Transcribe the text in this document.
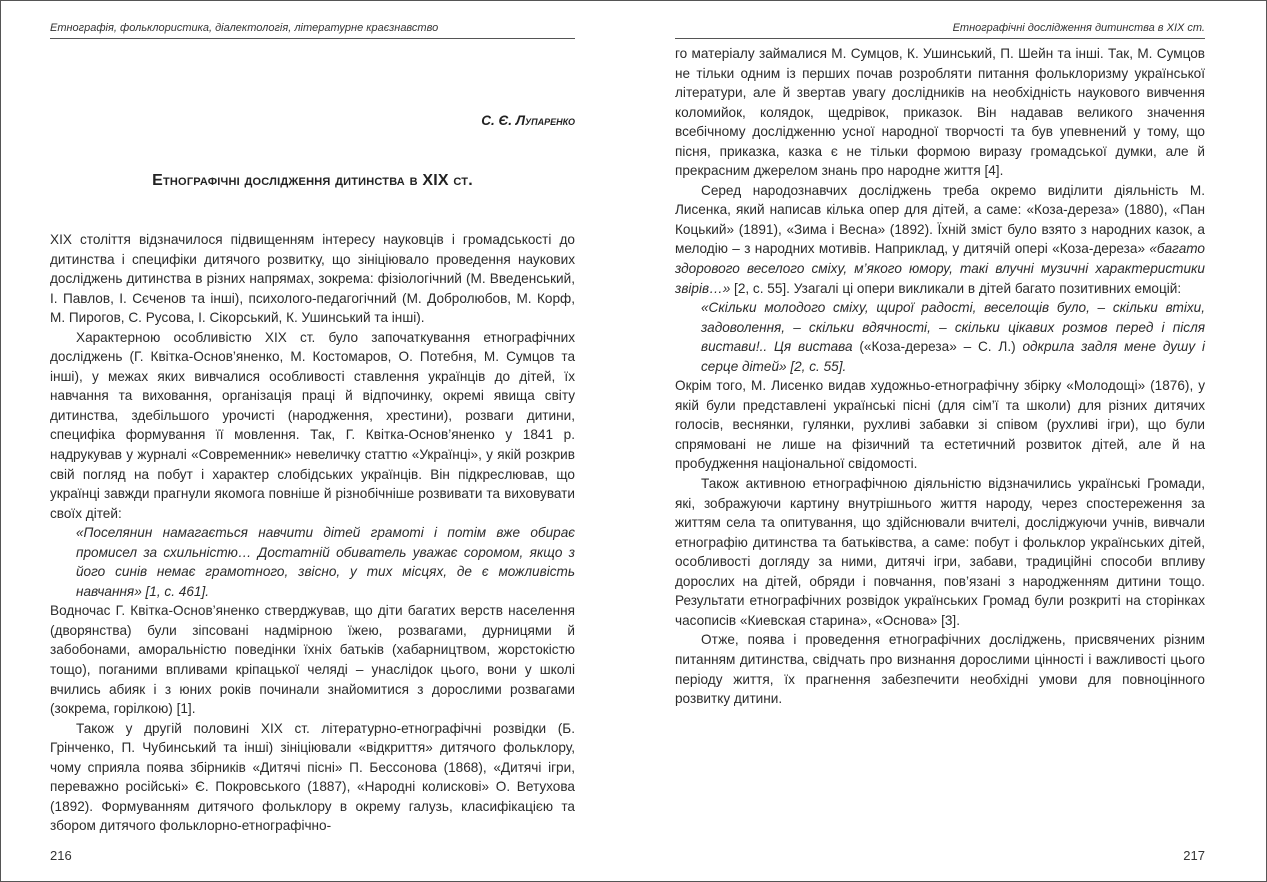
Етнографія, фольклористика, діалектологія, літературне краєзнавство
С. Є. Лупаренко
Етнографічні дослідження дитинства в XIX ст.

XIX століття відзначилося підвищенням інтересу науковців і громадськості до дитинства і специфіки дитячого розвитку, що зініціювало проведення наукових досліджень дитинства в різних напрямах, зокрема: фізіологічний (М. Введенський, І. Павлов, І. Сєченов та інші), психолого-педагогічний (М. Добролюбов, М. Корф, М. Пирогов, С. Русова, І. Сікорський, К. Ушинський та інші).

Характерною особливістю XIX ст. було започаткування етнографічних досліджень (Г. Квітка-Основ’яненко, М. Костомаров, О. Потебня, М. Сумцов та інші), у межах яких вивчалися особливості ставлення українців до дітей, їх навчання та виховання, організація праці й відпочинку, окремі явища світу дитинства, здебільшого урочисті (народження, хрестини), розваги дитини, специфіка формування її мовлення. Так, Г. Квітка-Основ’яненко у 1841 р. надрукував у журналі «Современник» невеличку статтю «Українці», у якій розкрив свій погляд на побут і характер слобідських українців. Він підкреслював, що українці завжди прагнули якомога повніше й різнобічніше розвивати та виховувати своїх дітей:

«Поселянин намагається навчити дітей грамоті і потім вже обирає промисел за схильністю… Достатній обиватель уважає соромом, якщо з його синів немає грамотного, звісно, у тих місцях, де є можливість навчання» [1, с. 461].

Водночас Г. Квітка-Основ’яненко стверджував, що діти багатих верств населення (дворянства) були зіпсовані надмірною їжею, розвагами, дурницями й забобонами, аморальністю поведінки їхніх батьків (хабарництвом, жорстокістю тощо), поганими впливами кріпацької челяді – унаслідок цього, вони у школі вчились абияк і з юних років починали знайомитися з дорослими розвагами (зокрема, горілкою) [1].

Також у другій половині XIX ст. літературно-етнографічні розвідки (Б. Грінченко, П. Чубинський та інші) зініціювали «відкриття» дитячого фольклору, чому сприяла поява збірників «Дитячі пісні» П. Бессонова (1868), «Дитячі ігри, переважно російські» Є. Покровського (1887), «Народні колискові» О. Ветухова (1892). Формуванням дитячого фольклору в окрему галузь, класифікацією та збором дитячого фольклорно-етнографічно-

216
Етнографічні дослідження дитинства в XIX ст.

го матеріалу займалися М. Сумцов, К. Ушинський, П. Шейн та інші. Так, М. Сумцов не тільки одним із перших почав розробляти питання фольклоризму української літератури, але й звертав увагу дослідників на необхідність наукового вивчення коломийок, колядок, щедрівок, приказок. Він надавав великого значення всебічному дослідженню усної народної творчості та був упевнений у тому, що пісня, приказка, казка є не тільки формою виразу громадської думки, але й прекрасним джерелом знань про народне життя [4].

Серед народознавчих досліджень треба окремо виділити діяльність М. Лисенка, який написав кілька опер для дітей, а саме: «Коза-дереза» (1880), «Пан Коцький» (1891), «Зима і Весна» (1892). Їхній зміст було взято з народних казок, а мелодію – з народних мотивів. Наприклад, у дитячій опері «Коза-дереза» «багато здорового веселого сміху, м’якого юмору, такі влучні музичні характеристики звірів…» [2, с. 55]. Узагалі ці опери викликали в дітей багато позитивних емоцій:

«Скільки молодого сміху, щирої радості, веселощів було, – скільки втіхи, задоволення, – скільки вдячності, – скільки цікавих розмов перед і після вистави!.. Ця вистава («Коза-дереза» – С. Л.) одкрила задля мене душу і серце дітей» [2, с. 55].

Окрім того, М. Лисенко видав художньо-етнографічну збірку «Молодощі» (1876), у якій були представлені українські пісні (для сім’ї та школи) для різних дитячих голосів, веснянки, гулянки, рухливі забавки зі співом (рухливі ігри), що були спрямовані не лише на фізичний та естетичний розвиток дітей, але й на пробудження національної свідомості.

Також активною етнографічною діяльністю відзначились українські Громади, які, зображуючи картину внутрішнього життя народу, через спостереження за життям села та опитування, що здійснювали вчителі, досліджуючи учнів, вивчали етнографію дитинства та батьківства, а саме: побут і фольклор українських дітей, особливості догляду за ними, дитячі ігри, забави, традиційні способи впливу дорослих на дітей, обряди і повчання, пов’язані з народженням дитини тощо. Результати етнографічних розвідок українських Громад були розкриті на сторінках часописів «Киевская старина», «Основа» [3].

Отже, поява і проведення етнографічних досліджень, присвячених різним питанням дитинства, свідчать про визнання дорослими цінності і важливості цього періоду життя, їх прагнення забезпечити необхідні умови для повноцінного розвитку дитини.

217
